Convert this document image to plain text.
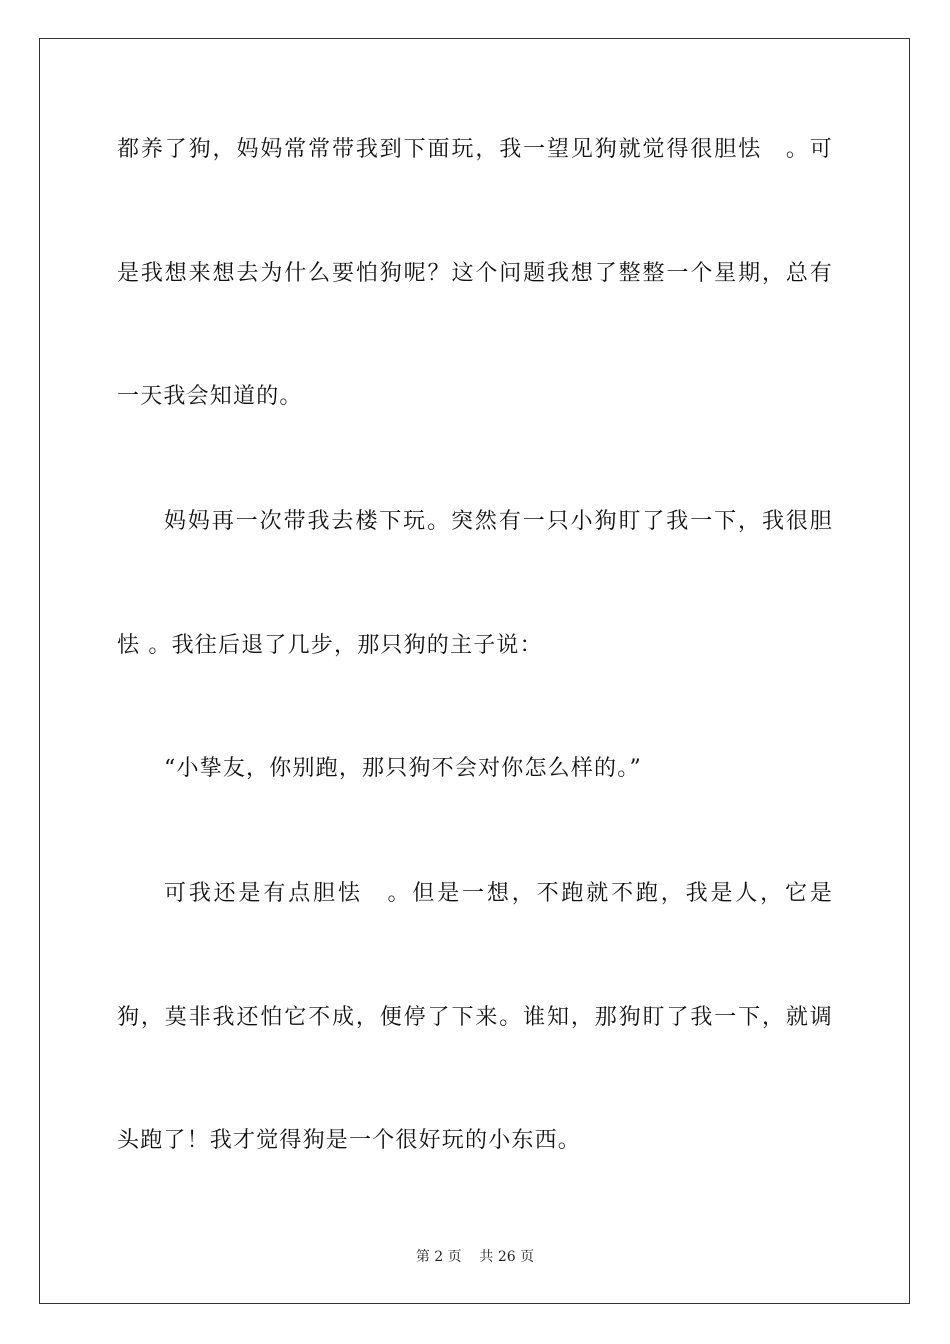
都养了狗，妈妈常常带我到下面玩，我一望见狗就觉得很胆怯　。可
是我想来想去为什么要怕狗呢？这个问题我想了整整一个星期，总有
一天我会知道的。
妈妈再一次带我去楼下玩。突然有一只小狗盯了我一下，我很胆
怯 。我往后退了几步，那只狗的主子说：
“小挚友，你别跑，那只狗不会对你怎么样的。”
可我还是有点胆怯　。但是一想，不跑就不跑，我是人，它是
狗，莫非我还怕它不成，便停了下来。谁知，那狗盯了我一下，就调
头跑了！我才觉得狗是一个很好玩的小东西。
第 2 页    共 26 页
